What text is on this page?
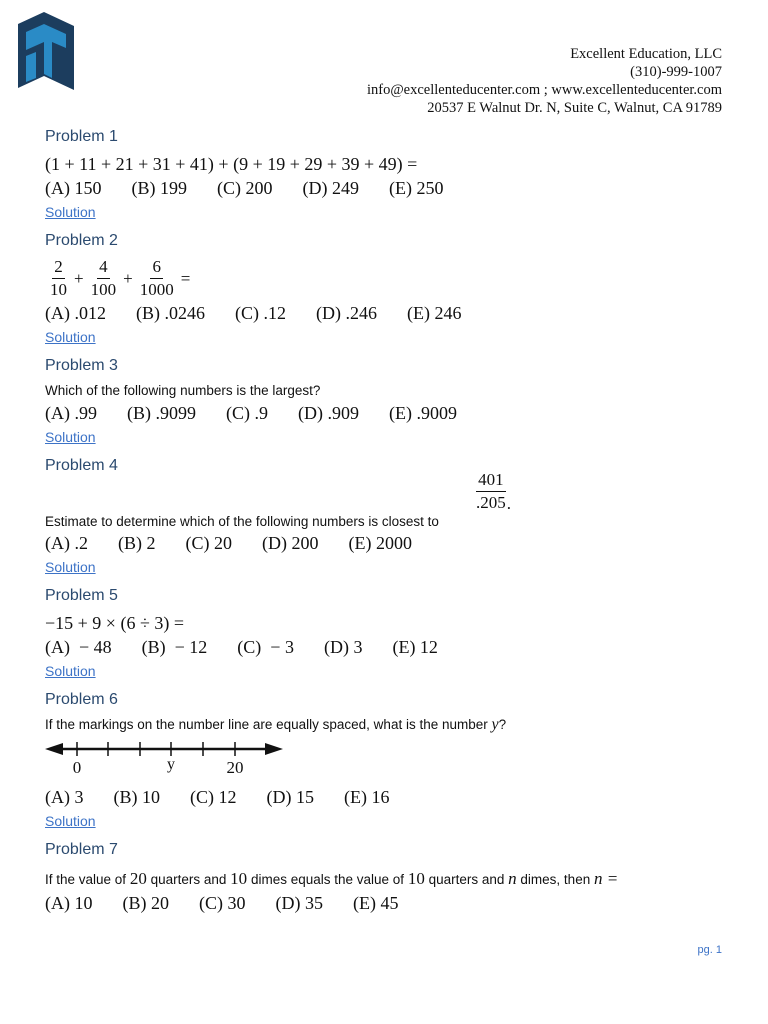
Excellent Education, LLC
(310)-999-1007
info@excellenteducenter.com ; www.excellenteducenter.com
20537 E Walnut Dr. N, Suite C, Walnut, CA 91789
Problem 1
(1 + 11 + 21 + 31 + 41) + (9 + 19 + 29 + 39 + 49) =
(A) 150 (B) 199 (C) 200 (D) 249 (E) 250
Solution
Problem 2
$\frac{2}{10} + \frac{4}{100} + \frac{6}{1000}$ =
(A) .012 (B) .0246 (C) .12 (D) .246 (E) 246
Solution
Problem 3
Which of the following numbers is the largest?
(A) .99 (B) .9099 (C) .9 (D) .909 (E) .9009
Solution
Problem 4
Estimate to determine which of the following numbers is closest to
$\frac{401}{.205}$ .
(A) .2 (B) 2 (C) 20 (D) 200 (E) 2000
Solution
Problem 5
−15 + 9 × (6 ÷ 3) =
(A)  − 48 (B)  − 12 (C)  − 3 (D) 3 (E) 12
Solution
Problem 6
If the markings on the number line are equally spaced, what is the number y?
0	y	20
(A) 3 (B) 10 (C) 12 (D) 15 (E) 16
Solution
Problem 7
If the value of 20 quarters and 10 dimes equals the value of 10 quarters and n dimes, then n =
(A) 10 (B) 20 (C) 30 (D) 35 (E) 45
pg. 1
